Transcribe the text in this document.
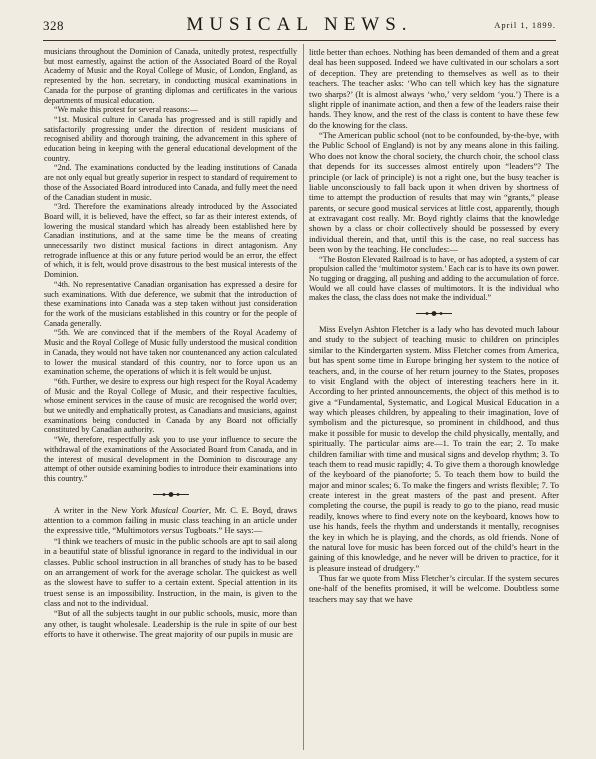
328	MUSICAL NEWS.	April 1, 1899.

musicians throughout the Dominion of Canada, unitedly protest, respectfully but most earnestly, against the action of the Associated Board of the Royal Academy of Music and the Royal College of Music, of London, England, as represented by the hon. secretary, in conducting musical examinations in Canada for the purpose of granting diplomas and certificates in the various departments of musical education.

“We make this protest for several reasons:—

“1st. Musical culture in Canada has progressed and is still rapidly and satisfactorily progressing under the direction of resident musicians of recognised ability and thorough training, the advancement in this sphere of education being in keeping with the general educational development of the country.

“2nd. The examinations conducted by the leading institutions of Canada are not only equal but greatly superior in respect to standard of requirement to those of the Associated Board introduced into Canada, and fully meet the need of the Canadian student in music.

“3rd. Therefore the examinations already introduced by the Associated Board will, it is believed, have the effect, so far as their interest extends, of lowering the musical standard which has already been established here by Canadian institutions, and at the same time be the means of creating unnecessarily two distinct musical factions in direct antagonism. Any retrograde influence at this or any future period would be an error, the effect of which, it is felt, would prove disastrous to the best musical interests of the Dominion.

“4th. No representative Canadian organisation has expressed a desire for such examinations. With due deference, we submit that the introduction of these examinations into Canada was a step taken without just consideration for the work of the musicians established in this country or for the people of Canada generally.

“5th. We are convinced that if the members of the Royal Academy of Music and the Royal College of Music fully understood the musical condition in Canada, they would not have taken nor countenanced any action calculated to lower the musical standard of this country, nor to force upon us an examination scheme, the operations of which it is felt would be unjust.

“6th. Further, we desire to express our high respect for the Royal Academy of Music and the Royal College of Music, and their respective faculties, whose eminent services in the cause of music are recognised the world over; but we unitedly and emphatically protest, as Canadians and musicians, against examinations being conducted in Canada by any Board not officially constituted by Canadian authority.

“We, therefore, respectfully ask you to use your influence to secure the withdrawal of the examinations of the Associated Board from Canada, and in the interest of musical development in the Dominion to discourage any attempt of other outside examining bodies to introduce their examinations into this country.”

A writer in the New York Musical Courier, Mr. C. E. Boyd, draws attention to a common failing in music class teaching in an article under the expressive title, “Multimotors versus Tugboats.” He says:—

“I think we teachers of music in the public schools are apt to sail along in a beautiful state of blissful ignorance in regard to the individual in our classes. Public school instruction in all branches of study has to be based on an arrangement of work for the average scholar. The quickest as well as the slowest have to suffer to a certain extent. Special attention in its truest sense is an impossibility. Instruction, in the main, is given to the class and not to the individual.

“But of all the subjects taught in our public schools, music, more than any other, is taught wholesale. Leadership is the rule in spite of our best efforts to have it otherwise. The great majority of our pupils in music are

little better than echoes. Nothing has been demanded of them and a great deal has been supposed. Indeed we have cultivated in our scholars a sort of deception. They are pretending to themselves as well as to their teachers. The teacher asks: ‘Who can tell which key has the signature two sharps?’ (It is almost always ‘who,’ very seldom ‘you.’) There is a slight ripple of inanimate action, and then a few of the leaders raise their hands. They know, and the rest of the class is content to have these few do the knowing for the class.

“The American public school (not to be confounded, by-the-bye, with the Public School of England) is not by any means alone in this failing. Who does not know the choral society, the church choir, the school class that depends for its successes almost entirely upon “leaders”? The principle (or lack of principle) is not a right one, but the busy teacher is liable unconsciously to fall back upon it when driven by shortness of time to attempt the production of results that may win “grants,” please parents, or secure good musical services at little cost, apparently, though at extravagant cost really. Mr. Boyd rightly claims that the knowledge shown by a class or choir collectively should be possessed by every individual therein, and that, until this is the case, no real success has been won by the teaching. He concludes:—

“The Boston Elevated Railroad is to have, or has adopted, a system of car propulsion called the ‘multimotor system.’ Each car is to have its own power. No tugging or dragging, all pushing and adding to the accumulation of force. Would we all could have classes of multimotors. It is the individual who makes the class, the class does not make the individual.”

Miss Evelyn Ashton Fletcher is a lady who has devoted much labour and study to the subject of teaching music to children on principles similar to the Kindergarten system. Miss Fletcher comes from America, but has spent some time in Europe bringing her system to the notice of teachers, and, in the course of her return journey to the States, proposes to visit England with the object of interesting teachers here in it. According to her printed announcements, the object of this method is to give a “Fundamental, Systematic, and Logical Musical Education in a way which pleases children, by appealing to their imagination, love of symbolism and the picturesque, so prominent in childhood, and thus make it possible for music to develop the child physically, mentally, and spiritually. The particular aims are—1. To train the ear; 2. To make children familiar with time and musical signs and develop rhythm; 3. To teach them to read music rapidly; 4. To give them a thorough knowledge of the keyboard of the pianoforte; 5. To teach them how to build the major and minor scales; 6. To make the fingers and wrists flexible; 7. To create interest in the great masters of the past and present. After completing the course, the pupil is ready to go to the piano, read music readily, knows where to find every note on the keyboard, knows how to use his hands, feels the rhythm and understands it mentally, recognises the key in which he is playing, and the chords, as old friends. None of the natural love for music has been forced out of the child’s heart in the gaining of this knowledge, and he never will be driven to practice, for it is pleasure instead of drudgery.”

Thus far we quote from Miss Fletcher’s circular. If the system secures one-half of the benefits promised, it will be welcome. Doubtless some teachers may say that we have
